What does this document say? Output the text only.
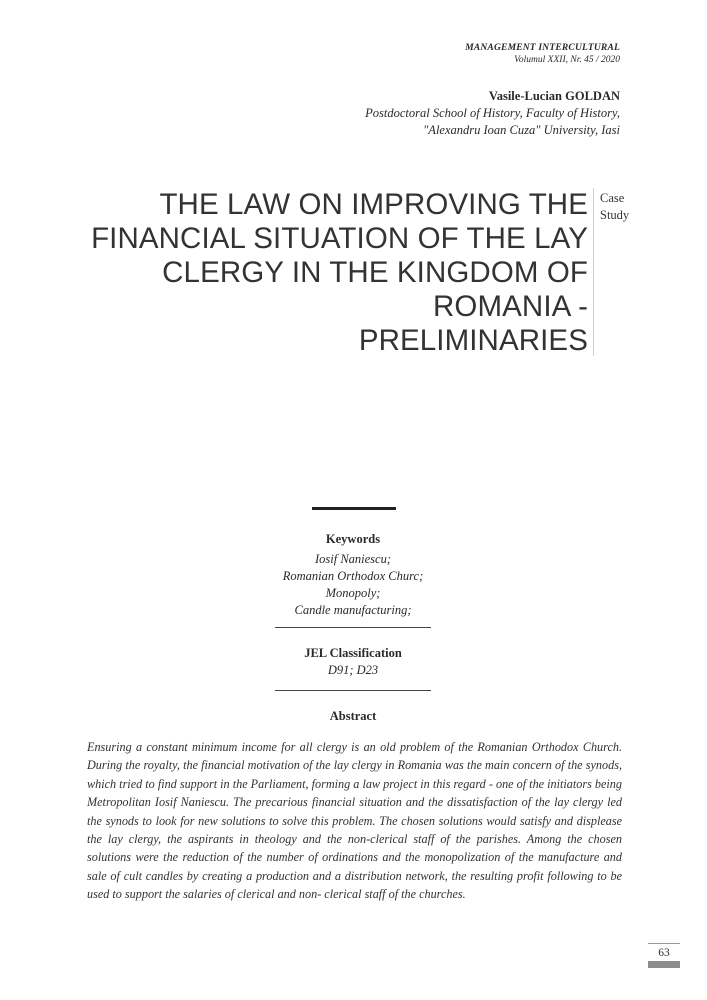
MANAGEMENT INTERCULTURAL
Volumul XXII, Nr. 45 / 2020
Vasile-Lucian GOLDAN
Postdoctoral School of History, Faculty of History,
"Alexandru Ioan Cuza" University, Iasi
THE LAW ON IMPROVING THE
FINANCIAL SITUATION OF THE LAY
CLERGY IN THE KINGDOM OF
ROMANIA -
PRELIMINARIES
Case
Study
Keywords
Iosif Naniescu;
Romanian Orthodox Churc;
Monopoly;
Candle manufacturing;
JEL Classification
D91; D23
Abstract
Ensuring a constant minimum income for all clergy is an old problem of the Romanian Orthodox Church. During the royalty, the financial motivation of the lay clergy in Romania was the main concern of the synods, which tried to find support in the Parliament, forming a law project in this regard - one of the initiators being Metropolitan Iosif Naniescu. The precarious financial situation and the dissatisfaction of the lay clergy led the synods to look for new solutions to solve this problem. The chosen solutions would satisfy and displease the lay clergy, the aspirants in theology and the non-clerical staff of the parishes. Among the chosen solutions were the reduction of the number of ordinations and the monopolization of the manufacture and sale of cult candles by creating a production and a distribution network, the resulting profit following to be used to support the salaries of clerical and non- clerical staff of the churches.
63
